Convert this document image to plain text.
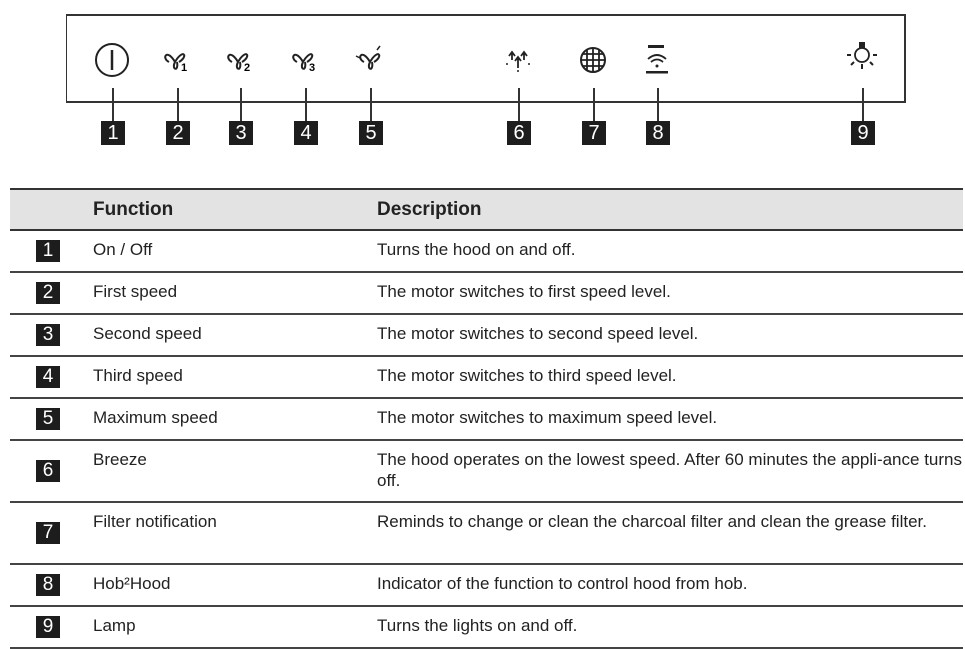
1	2	3
1	2	3	4	5	6	7	8	9
	Function	Description
1	On / Off	Turns the hood on and off.
2	First speed	The motor switches to first speed level.
3	Second speed	The motor switches to second speed level.
4	Third speed	The motor switches to third speed level.
5	Maximum speed	The motor switches to maximum speed level.
6	Breeze	The hood operates on the lowest speed. After 60 minutes the appli-ance turns off.
7	Filter notification	Reminds to change or clean the charcoal filter and clean the grease filter.
8	Hob²Hood	Indicator of the function to control hood from hob.
9	Lamp	Turns the lights on and off.
